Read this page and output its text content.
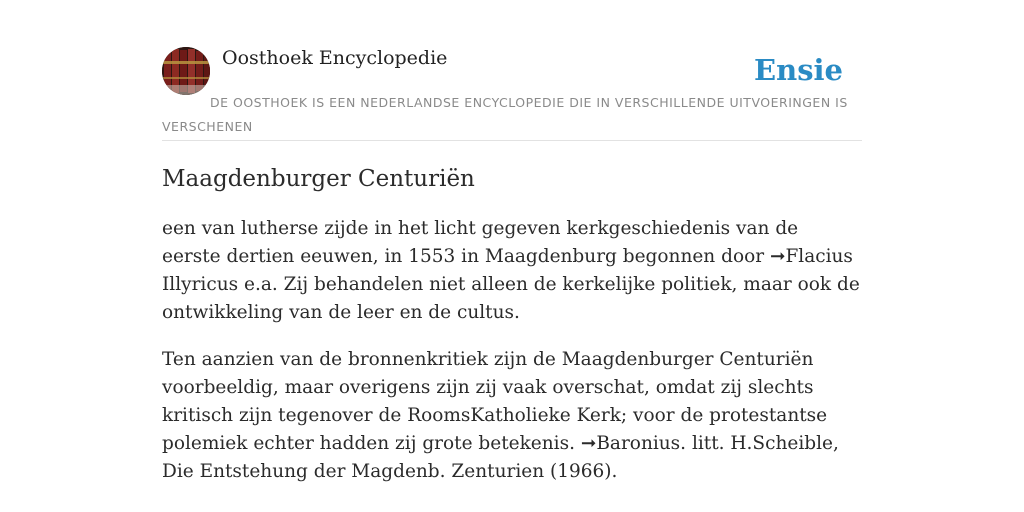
Oosthoek Encyclopedie	Ensie
DE OOSTHOEK IS EEN NEDERLANDSE ENCYCLOPEDIE DIE IN VERSCHILLENDE UITVOERINGEN IS VERSCHENEN
Maagdenburger Centuriën

een van lutherse zijde in het licht gegeven kerkgeschiedenis van de eerste dertien eeuwen, in 1553 in Maagdenburg begonnen door ➞Flacius Illyricus e.a. Zij behandelen niet alleen de kerkelijke politiek, maar ook de ontwikkeling van de leer en de cultus.

Ten aanzien van de bronnenkritiek zijn de Maagdenburger Centuriën voorbeeldig, maar overigens zijn zij vaak overschat, omdat zij slechts kritisch zijn tegenover de RoomsKatholieke Kerk; voor de protestantse polemiek echter hadden zij grote betekenis. ➞Baronius. litt. H.Scheible, Die Entstehung der Magdenb. Zenturien (1966).
